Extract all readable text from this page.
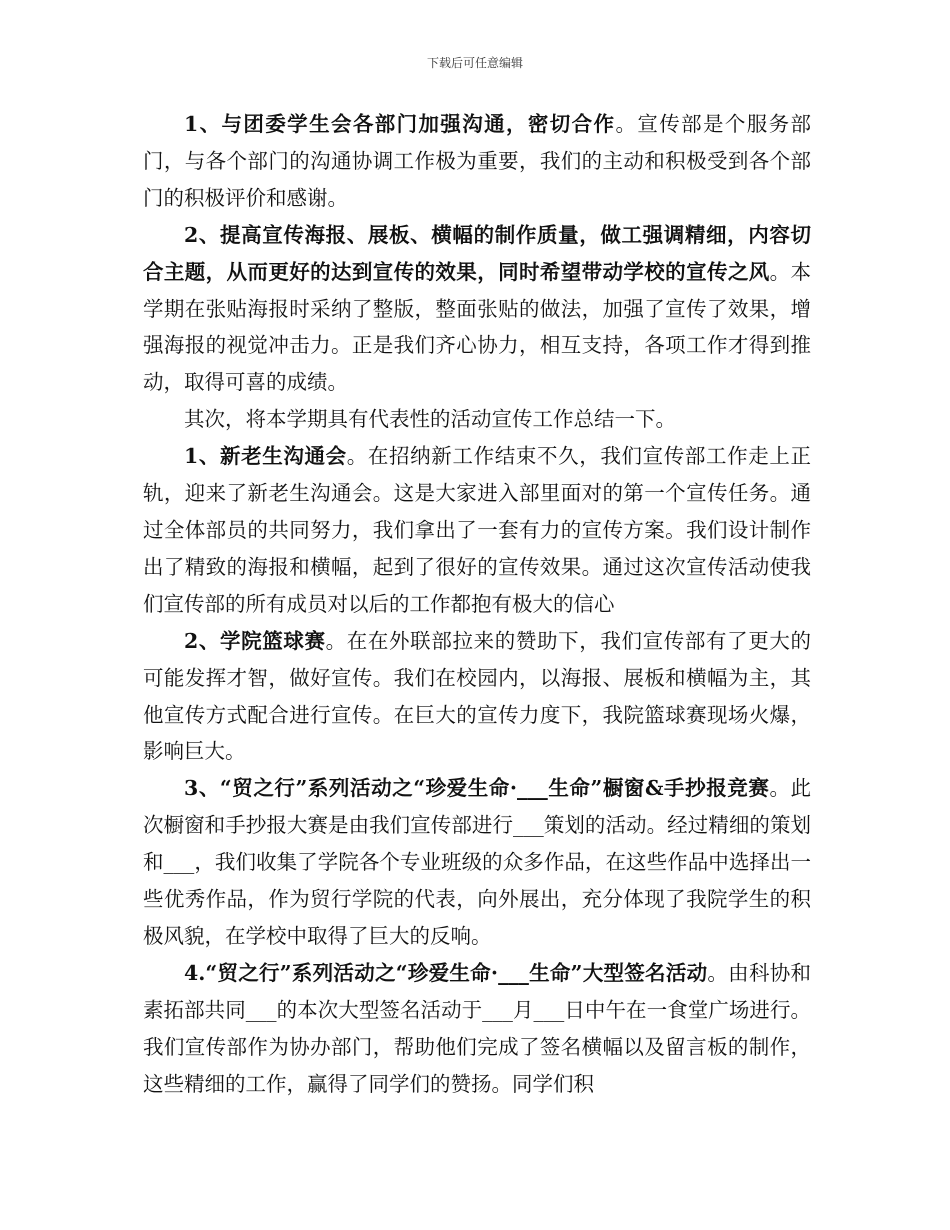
下载后可任意编辑

1、与团委学生会各部门加强沟通，密切合作。宣传部是个服务部门，与各个部门的沟通协调工作极为重要，我们的主动和积极受到各个部门的积极评价和感谢。

2、提高宣传海报、展板、横幅的制作质量，做工强调精细，内容切合主题，从而更好的达到宣传的效果，同时希望带动学校的宣传之风。本学期在张贴海报时采纳了整版，整面张贴的做法，加强了宣传了效果，增强海报的视觉冲击力。正是我们齐心协力，相互支持，各项工作才得到推动，取得可喜的成绩。

其次，将本学期具有代表性的活动宣传工作总结一下。

1、新老生沟通会。在招纳新工作结束不久，我们宣传部工作走上正轨，迎来了新老生沟通会。这是大家进入部里面对的第一个宣传任务。通过全体部员的共同努力，我们拿出了一套有力的宣传方案。我们设计制作出了精致的海报和横幅，起到了很好的宣传效果。通过这次宣传活动使我们宣传部的所有成员对以后的工作都抱有极大的信心

2、学院篮球赛。在在外联部拉来的赞助下，我们宣传部有了更大的可能发挥才智，做好宣传。我们在校园内，以海报、展板和横幅为主，其他宣传方式配合进行宣传。在巨大的宣传力度下，我院篮球赛现场火爆，影响巨大。

3、“贸之行”系列活动之“珍爱生命·___生命”橱窗&手抄报竞赛。此次橱窗和手抄报大赛是由我们宣传部进行___策划的活动。经过精细的策划和___，我们收集了学院各个专业班级的众多作品，在这些作品中选择出一些优秀作品，作为贸行学院的代表，向外展出，充分体现了我院学生的积极风貌，在学校中取得了巨大的反响。

4.“贸之行”系列活动之“珍爱生命·___生命”大型签名活动。由科协和素拓部共同___的本次大型签名活动于___月___日中午在一食堂广场进行。我们宣传部作为协办部门，帮助他们完成了签名横幅以及留言板的制作，这些精细的工作，赢得了同学们的赞扬。同学们积
